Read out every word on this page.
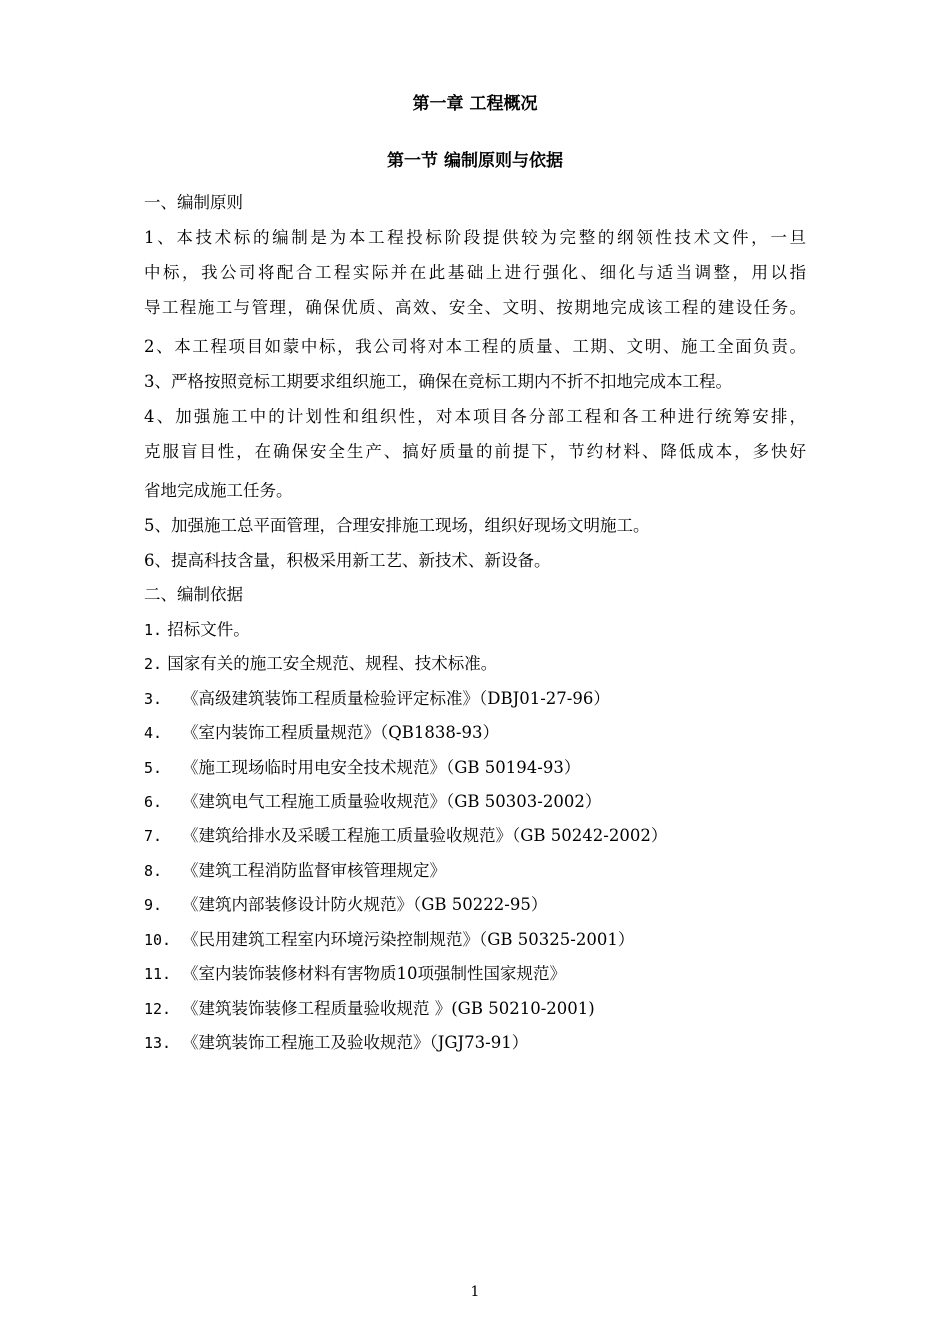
第一章 工程概况
第一节 编制原则与依据
一、编制原则
1、本技术标的编制是为本工程投标阶段提供较为完整的纲领性技术文件，一旦
中标，我公司将配合工程实际并在此基础上进行强化、细化与适当调整，用以指
导工程施工与管理，确保优质、高效、安全、文明、按期地完成该工程的建设任务。
2、本工程项目如蒙中标，我公司将对本工程的质量、工期、文明、施工全面负责。
3、严格按照竞标工期要求组织施工，确保在竞标工期内不折不扣地完成本工程。
4、加强施工中的计划性和组织性，对本项目各分部工程和各工种进行统筹安排，
克服盲目性，在确保安全生产、搞好质量的前提下，节约材料、降低成本，多快好
省地完成施工任务。
5、加强施工总平面管理，合理安排施工现场，组织好现场文明施工。
6、提高科技含量，积极采用新工艺、新技术、新设备。
二、编制依据
1. 招标文件。
2. 国家有关的施工安全规范、规程、技术标准。
3. 《高级建筑装饰工程质量检验评定标准》（DBJ01-27-96）
4. 《室内装饰工程质量规范》（QB1838-93）
5. 《施工现场临时用电安全技术规范》（GB 50194-93）
6. 《建筑电气工程施工质量验收规范》（GB 50303-2002）
7. 《建筑给排水及采暖工程施工质量验收规范》（GB 50242-2002）
8. 《建筑工程消防监督审核管理规定》
9. 《建筑内部装修设计防火规范》（GB 50222-95）
10. 《民用建筑工程室内环境污染控制规范》（GB 50325-2001）
11. 《室内装饰装修材料有害物质10项强制性国家规范》
12. 《建筑装饰装修工程质量验收规范 》(GB 50210-2001)
13. 《建筑装饰工程施工及验收规范》（JGJ73-91）
1
